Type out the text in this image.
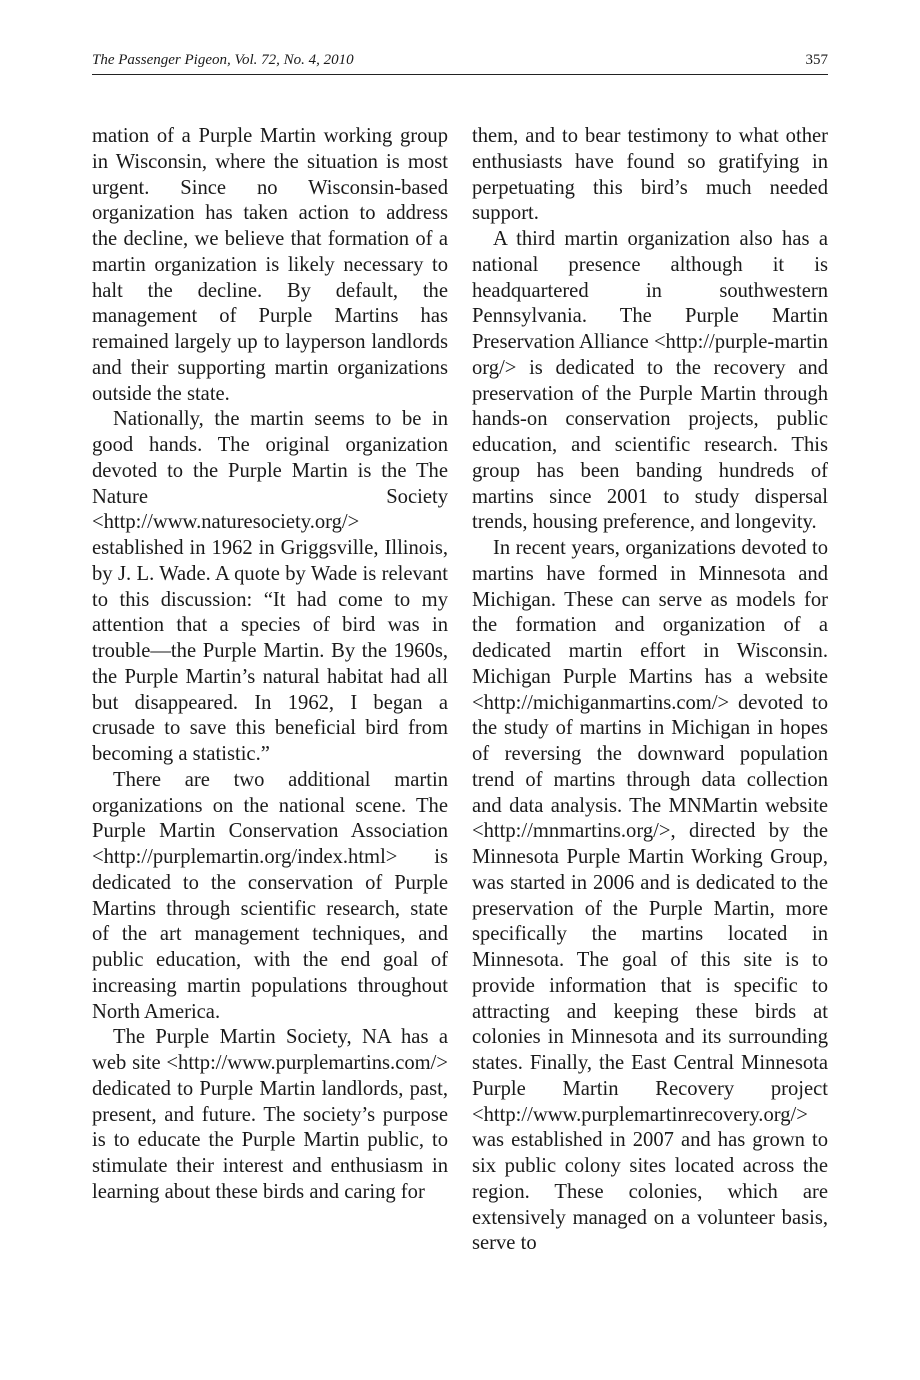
The Passenger Pigeon, Vol. 72, No. 4, 2010	357

mation of a Purple Martin working group in Wisconsin, where the situation is most urgent. Since no Wisconsin-based organization has taken action to address the decline, we believe that formation of a martin organization is likely necessary to halt the decline. By default, the management of Purple Martins has remained largely up to layperson landlords and their supporting martin organizations outside the state.

Nationally, the martin seems to be in good hands. The original organization devoted to the Purple Martin is the The Nature Society <http://www.naturesociety.org/> established in 1962 in Griggsville, Illinois, by J. L. Wade. A quote by Wade is relevant to this discussion: “It had come to my attention that a species of bird was in trouble—the Purple Martin. By the 1960s, the Purple Martin’s natural habitat had all but disappeared. In 1962, I began a crusade to save this beneficial bird from becoming a statistic.”

There are two additional martin organizations on the national scene. The Purple Martin Conservation Association <http://purplemartin.org/index.html> is dedicated to the conservation of Purple Martins through scientific research, state of the art management techniques, and public education, with the end goal of increasing martin populations throughout North America.

The Purple Martin Society, NA has a web site <http://www.purplemartins.com/> dedicated to Purple Martin landlords, past, present, and future. The society’s purpose is to educate the Purple Martin public, to stimulate their interest and enthusiasm in learning about these birds and caring for

them, and to bear testimony to what other enthusiasts have found so gratifying in perpetuating this bird’s much needed support.

A third martin organization also has a national presence although it is headquartered in southwestern Pennsylvania. The Purple Martin Preservation Alliance <http://purple-martin org/> is dedicated to the recovery and preservation of the Purple Martin through hands-on conservation projects, public education, and scientific research. This group has been banding hundreds of martins since 2001 to study dispersal trends, housing preference, and longevity.

In recent years, organizations devoted to martins have formed in Minnesota and Michigan. These can serve as models for the formation and organization of a dedicated martin effort in Wisconsin. Michigan Purple Martins has a website <http://michiganmartins.com/> devoted to the study of martins in Michigan in hopes of reversing the downward population trend of martins through data collection and data analysis. The MNMartin website <http://mnmartins.org/>, directed by the Minnesota Purple Martin Working Group, was started in 2006 and is dedicated to the preservation of the Purple Martin, more specifically the martins located in Minnesota. The goal of this site is to provide information that is specific to attracting and keeping these birds at colonies in Minnesota and its surrounding states. Finally, the East Central Minnesota Purple Martin Recovery project <http://www.purplemartinrecovery.org/> was established in 2007 and has grown to six public colony sites located across the region. These colonies, which are extensively managed on a volunteer basis, serve to
